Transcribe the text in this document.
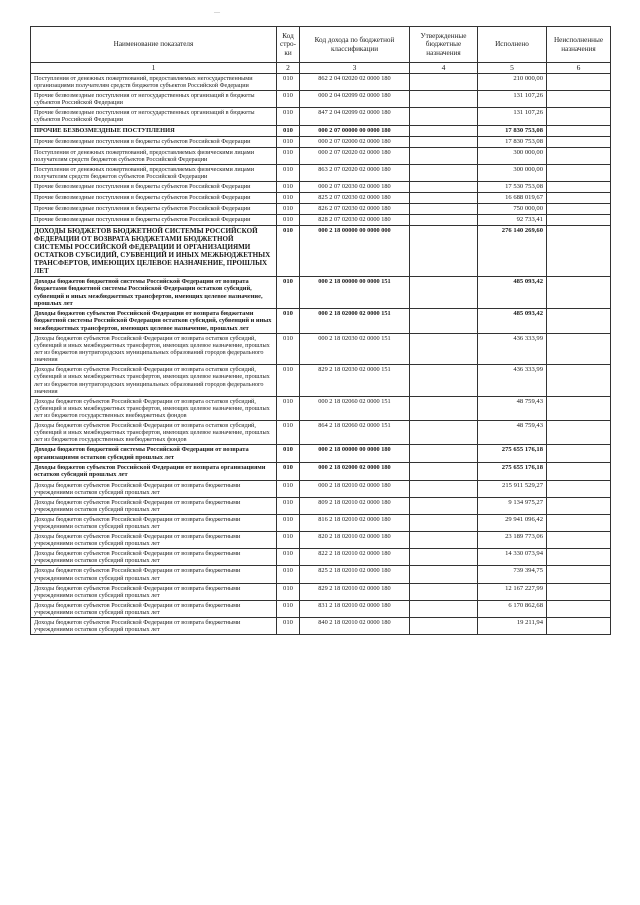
—
Наименование показателя	Код стро-ки	Код дохода по бюджетной классификации	Утвержденные бюджетные назначения	Исполнено	Неисполненные назначения
1	2	3	4	5	6
Поступления от денежных пожертвований, предоставляемых негосударственными организациями получателям средств бюджетов субъектов Российской Федерации	010	862 2 04 02020 02 0000 180		210 000,00	
Прочие безвозмездные поступления от негосударственных организаций в бюджеты субъектов Российской Федерации	010	000 2 04 02099 02 0000 180		131 107,26	
Прочие безвозмездные поступления от негосударственных организаций в бюджеты субъектов Российской Федерации	010	847 2 04 02099 02 0000 180		131 107,26	
ПРОЧИЕ БЕЗВОЗМЕЗДНЫЕ ПОСТУПЛЕНИЯ	010	000 2 07 00000 00 0000 180		17 830 753,08	
Прочие безвозмездные поступления в бюджеты субъектов Российской Федерации	010	000 2 07 02000 02 0000 180		17 830 753,08	
Поступления от денежных пожертвований, предоставляемых физическими лицами получателям средств бюджетов субъектов Российской Федерации	010	000 2 07 02020 02 0000 180		300 000,00	
Поступления от денежных пожертвований, предоставляемых физическими лицами получателям средств бюджетов субъектов Российской Федерации	010	863 2 07 02020 02 0000 180		300 000,00	
Прочие безвозмездные поступления в бюджеты субъектов Российской Федерации	010	000 2 07 02030 02 0000 180		17 530 753,08	
Прочие безвозмездные поступления в бюджеты субъектов Российской Федерации	010	825 2 07 02030 02 0000 180		16 688 019,67	
Прочие безвозмездные поступления в бюджеты субъектов Российской Федерации	010	826 2 07 02030 02 0000 180		750 000,00	
Прочие безвозмездные поступления в бюджеты субъектов Российской Федерации	010	828 2 07 02030 02 0000 180		92 733,41	
ДОХОДЫ БЮДЖЕТОВ БЮДЖЕТНОЙ СИСТЕМЫ РОССИЙСКОЙ ФЕДЕРАЦИИ ОТ ВОЗВРАТА БЮДЖЕТАМИ БЮДЖЕТНОЙ СИСТЕМЫ РОССИЙСКОЙ ФЕДЕРАЦИИ И ОРГАНИЗАЦИЯМИ ОСТАТКОВ СУБСИДИЙ, СУБВЕНЦИЙ И ИНЫХ МЕЖБЮДЖЕТНЫХ ТРАНСФЕРТОВ, ИМЕЮЩИХ ЦЕЛЕВОЕ НАЗНАЧЕНИЕ, ПРОШЛЫХ ЛЕТ	010	000 2 18 00000 00 0000 000		276 140 269,60	
Доходы бюджетов бюджетной системы Российской Федерации от возврата бюджетами бюджетной системы Российской Федерации остатков субсидий, субвенций и иных межбюджетных трансфертов, имеющих целевое назначение, прошлых лет	010	000 2 18 00000 00 0000 151		485 093,42	
Доходы бюджетов субъектов Российской Федерации от возврата бюджетами бюджетной системы Российской Федерации остатков субсидий, субвенций и иных межбюджетных трансфертов, имеющих целевое назначение, прошлых лет	010	000 2 18 02000 02 0000 151		485 093,42	
Доходы бюджетов субъектов Российской Федерации от возврата остатков субсидий, субвенций и иных межбюджетных трансфертов, имеющих целевое назначение, прошлых лет из бюджетов внутригородских муниципальных образований городов федерального значения	010	000 2 18 02030 02 0000 151		436 333,99	
Доходы бюджетов субъектов Российской Федерации от возврата остатков субсидий, субвенций и иных межбюджетных трансфертов, имеющих целевое назначение, прошлых лет из бюджетов внутригородских муниципальных образований городов федерального значения	010	829 2 18 02030 02 0000 151		436 333,99	
Доходы бюджетов субъектов Российской Федерации от возврата остатков субсидий, субвенций и иных межбюджетных трансфертов, имеющих целевое назначение, прошлых лет из бюджетов государственных внебюджетных фондов	010	000 2 18 02060 02 0000 151		48 759,43	
Доходы бюджетов субъектов Российской Федерации от возврата остатков субсидий, субвенций и иных межбюджетных трансфертов, имеющих целевое назначение, прошлых лет из бюджетов государственных внебюджетных фондов	010	864 2 18 02060 02 0000 151		48 759,43	
Доходы бюджетов бюджетной системы Российской Федерации от возврата организациями остатков субсидий прошлых лет	010	000 2 18 00000 00 0000 180		275 655 176,18	
Доходы бюджетов субъектов Российской Федерации от возврата организациями остатков субсидий прошлых лет	010	000 2 18 02000 02 0000 180		275 655 176,18	
Доходы бюджетов субъектов Российской Федерации от возврата бюджетными учреждениями остатков субсидий прошлых лет	010	000 2 18 02010 02 0000 180		215 911 529,27	
Доходы бюджетов субъектов Российской Федерации от возврата бюджетными учреждениями остатков субсидий прошлых лет	010	809 2 18 02010 02 0000 180		9 134 975,27	
Доходы бюджетов субъектов Российской Федерации от возврата бюджетными учреждениями остатков субсидий прошлых лет	010	816 2 18 02010 02 0000 180		29 941 096,42	
Доходы бюджетов субъектов Российской Федерации от возврата бюджетными учреждениями остатков субсидий прошлых лет	010	820 2 18 02010 02 0000 180		23 189 773,06	
Доходы бюджетов субъектов Российской Федерации от возврата бюджетными учреждениями остатков субсидий прошлых лет	010	822 2 18 02010 02 0000 180		14 330 073,94	
Доходы бюджетов субъектов Российской Федерации от возврата бюджетными учреждениями остатков субсидий прошлых лет	010	825 2 18 02010 02 0000 180		739 394,75	
Доходы бюджетов субъектов Российской Федерации от возврата бюджетными учреждениями остатков субсидий прошлых лет	010	829 2 18 02010 02 0000 180		12 167 227,99	
Доходы бюджетов субъектов Российской Федерации от возврата бюджетными учреждениями остатков субсидий прошлых лет	010	831 2 18 02010 02 0000 180		6 170 862,68	
Доходы бюджетов субъектов Российской Федерации от возврата бюджетными учреждениями остатков субсидий прошлых лет	010	840 2 18 02010 02 0000 180		19 211,94	
